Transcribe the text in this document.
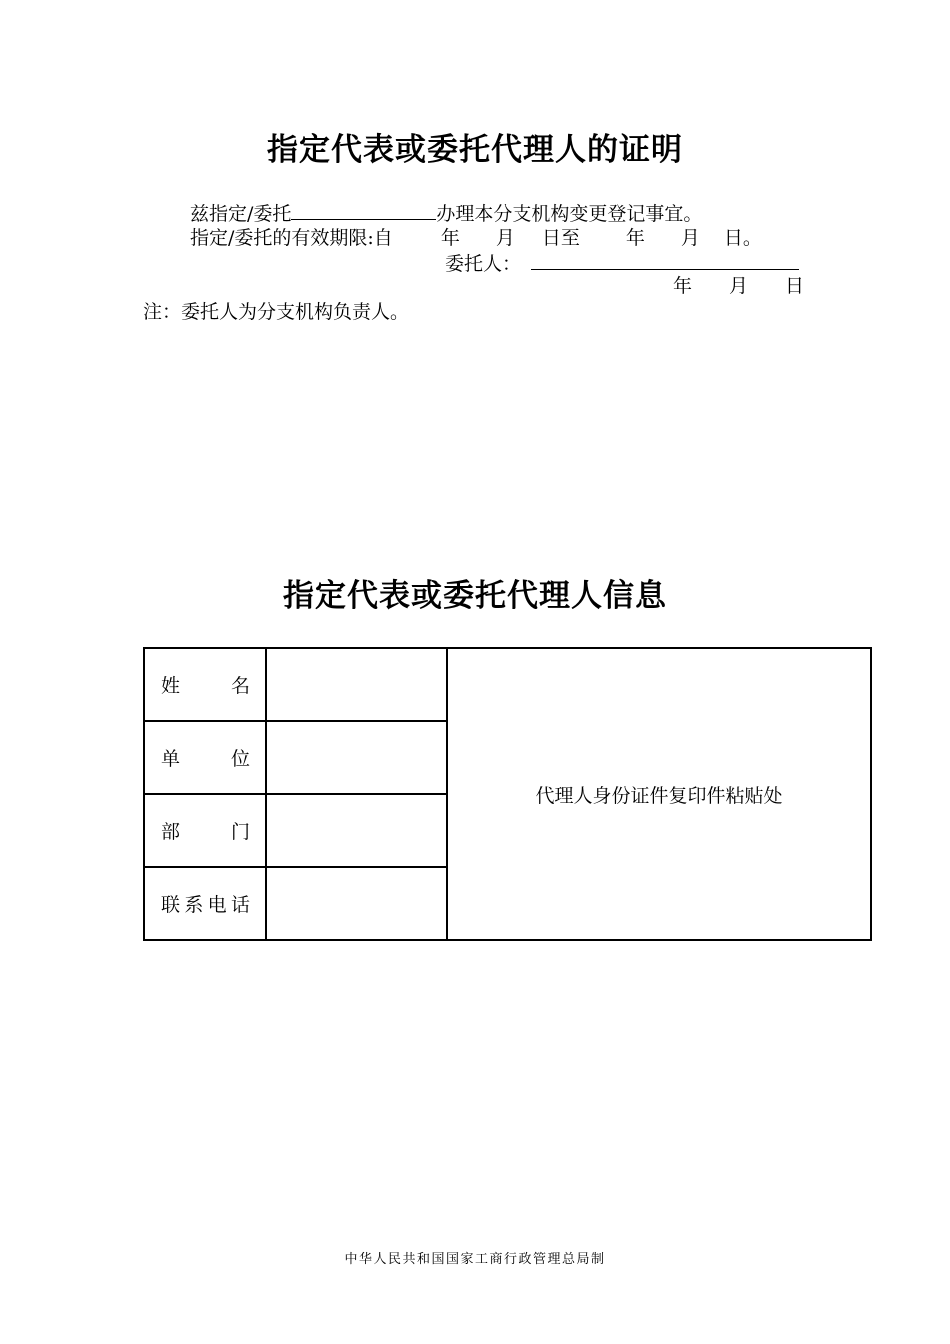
指定代表或委托代理人的证明
兹指定/委托	办理本分支机构变更登记事宜。
指定/委托的有效期限:自	年 月 日至 年 月 日。
委托人：
年 月 日
注：委托人为分支机构负责人。
指定代表或委托代理人信息
姓　　名		代理人身份证件复印件粘贴处

单　　位		

部　　门		

联系电话		

中华人民共和国国家工商行政管理总局制
